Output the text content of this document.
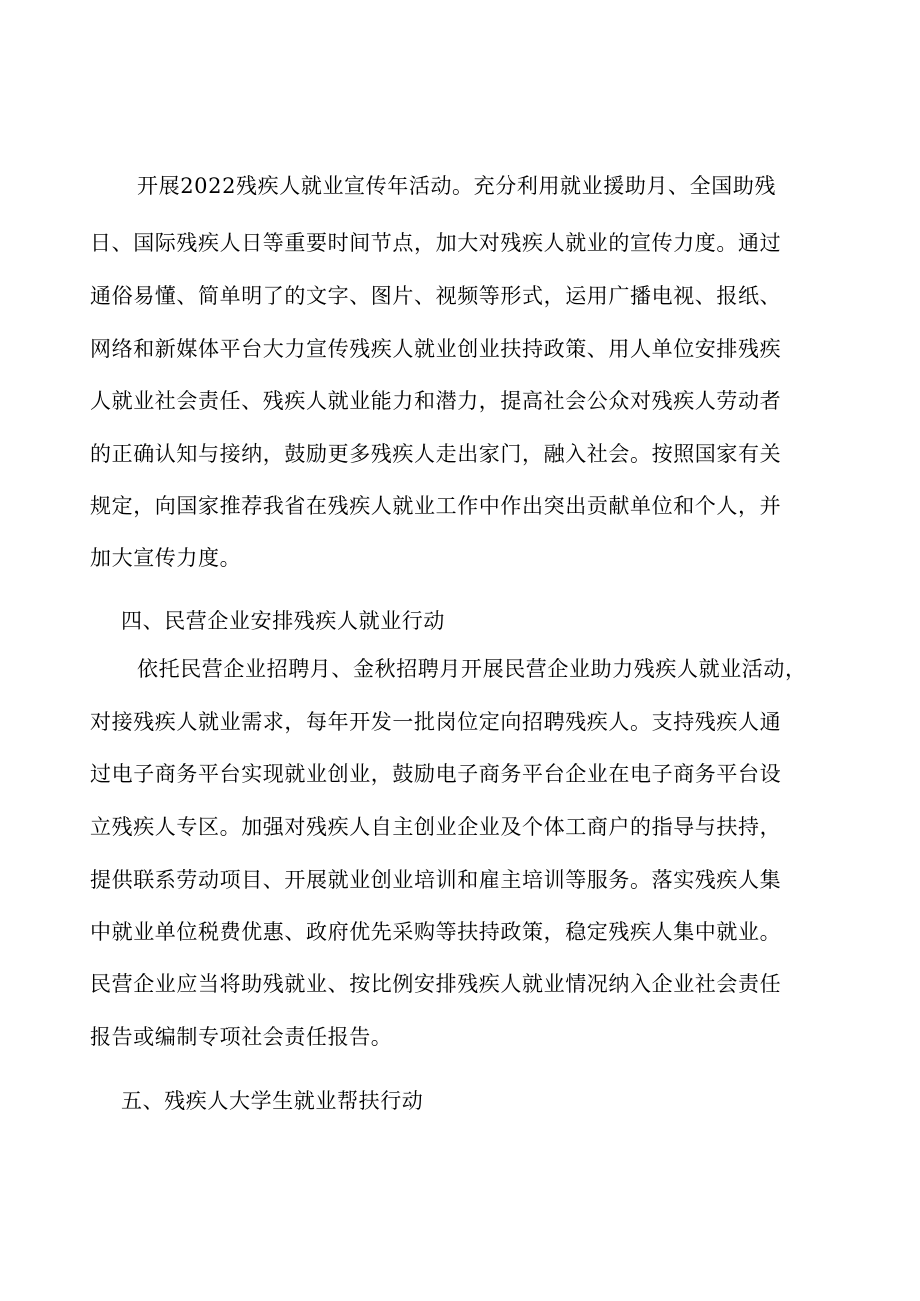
开展2022残疾人就业宣传年活动。充分利用就业援助月、全国助残
日、国际残疾人日等重要时间节点，加大对残疾人就业的宣传力度。通过
通俗易懂、简单明了的文字、图片、视频等形式，运用广播电视、报纸、
网络和新媒体平台大力宣传残疾人就业创业扶持政策、用人单位安排残疾
人就业社会责任、残疾人就业能力和潜力，提高社会公众对残疾人劳动者
的正确认知与接纳，鼓励更多残疾人走出家门，融入社会。按照国家有关
规定，向国家推荐我省在残疾人就业工作中作出突出贡献单位和个人，并
加大宣传力度。
四、民营企业安排残疾人就业行动
依托民营企业招聘月、金秋招聘月开展民营企业助力残疾人就业活动，
对接残疾人就业需求，每年开发一批岗位定向招聘残疾人。支持残疾人通
过电子商务平台实现就业创业，鼓励电子商务平台企业在电子商务平台设
立残疾人专区。加强对残疾人自主创业企业及个体工商户的指导与扶持，
提供联系劳动项目、开展就业创业培训和雇主培训等服务。落实残疾人集
中就业单位税费优惠、政府优先采购等扶持政策，稳定残疾人集中就业。
民营企业应当将助残就业、按比例安排残疾人就业情况纳入企业社会责任
报告或编制专项社会责任报告。
五、残疾人大学生就业帮扶行动
